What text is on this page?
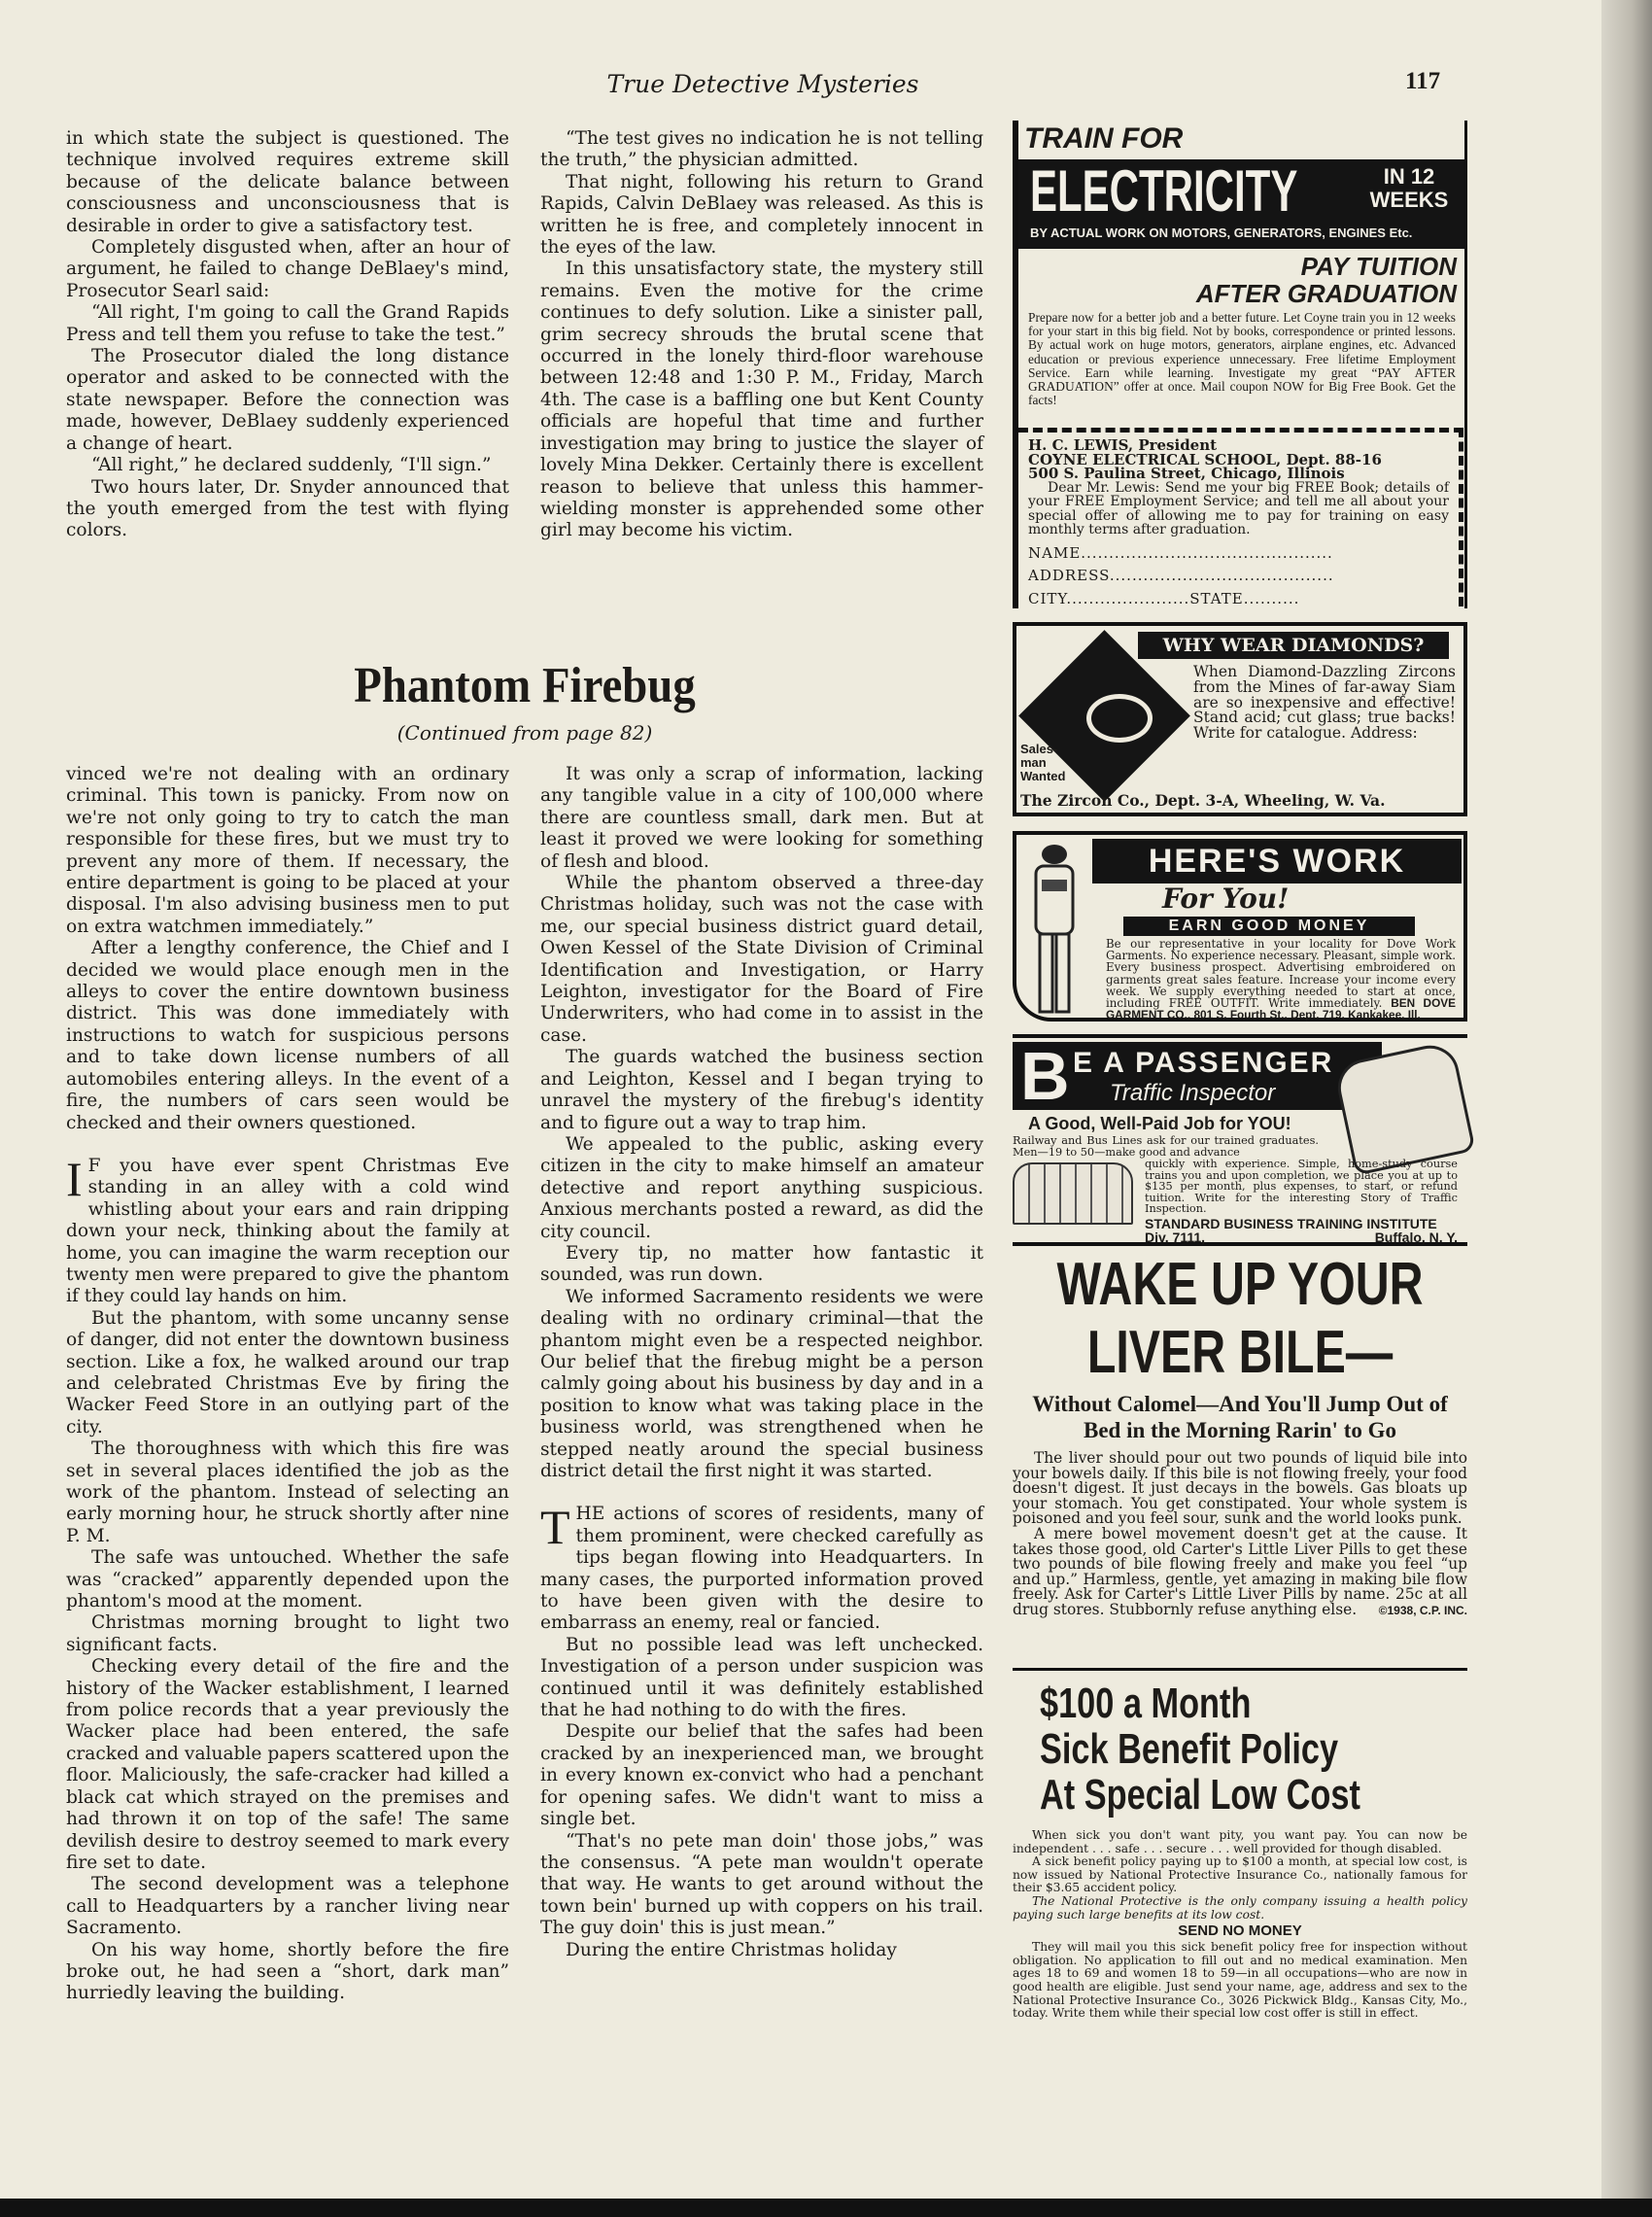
True Detective Mysteries	117

in which state the subject is questioned. The technique involved requires extreme skill because of the delicate balance between consciousness and unconsciousness that is desirable in order to give a satisfactory test.

Completely disgusted when, after an hour of argument, he failed to change DeBlaey's mind, Prosecutor Searl said:

“All right, I'm going to call the Grand Rapids Press and tell them you refuse to take the test.”

The Prosecutor dialed the long distance operator and asked to be connected with the state newspaper. Before the connection was made, however, DeBlaey suddenly experienced a change of heart.

“All right,” he declared suddenly, “I'll sign.”

Two hours later, Dr. Snyder announced that the youth emerged from the test with flying colors.

“The test gives no indication he is not telling the truth,” the physician admitted.

That night, following his return to Grand Rapids, Calvin DeBlaey was released. As this is written he is free, and completely innocent in the eyes of the law.

In this unsatisfactory state, the mystery still remains. Even the motive for the crime continues to defy solution. Like a sinister pall, grim secrecy shrouds the brutal scene that occurred in the lonely third-floor warehouse between 12:48 and 1:30 P. M., Friday, March 4th. The case is a baffling one but Kent County officials are hopeful that time and further investigation may bring to justice the slayer of lovely Mina Dekker. Certainly there is excellent reason to believe that unless this hammer-wielding monster is apprehended some other girl may become his victim.

Phantom Firebug
(Continued from page 82)

vinced we're not dealing with an ordinary criminal. This town is panicky. From now on we're not only going to try to catch the man responsible for these fires, but we must try to prevent any more of them. If necessary, the entire department is going to be placed at your disposal. I'm also advising business men to put on extra watchmen immediately.”

After a lengthy conference, the Chief and I decided we would place enough men in the alleys to cover the entire downtown business district. This was done immediately with instructions to watch for suspicious persons and to take down license numbers of all automobiles entering alleys. In the event of a fire, the numbers of cars seen would be checked and their owners questioned.

I F you have ever spent Christmas Eve standing in an alley with a cold wind whistling about your ears and rain dripping down your neck, thinking about the family at home, you can imagine the warm reception our twenty men were prepared to give the phantom if they could lay hands on him.

But the phantom, with some uncanny sense of danger, did not enter the downtown business section. Like a fox, he walked around our trap and celebrated Christmas Eve by firing the Wacker Feed Store in an outlying part of the city.

The thoroughness with which this fire was set in several places identified the job as the work of the phantom. Instead of selecting an early morning hour, he struck shortly after nine P. M.

The safe was untouched. Whether the safe was “cracked” apparently depended upon the phantom's mood at the moment.

Christmas morning brought to light two significant facts.

Checking every detail of the fire and the history of the Wacker establishment, I learned from police records that a year previously the Wacker place had been entered, the safe cracked and valuable papers scattered upon the floor. Maliciously, the safe-cracker had killed a black cat which strayed on the premises and had thrown it on top of the safe! The same devilish desire to destroy seemed to mark every fire set to date.

The second development was a telephone call to Headquarters by a rancher living near Sacramento.

On his way home, shortly before the fire broke out, he had seen a “short, dark man” hurriedly leaving the building.

It was only a scrap of information, lacking any tangible value in a city of 100,000 where there are countless small, dark men. But at least it proved we were looking for something of flesh and blood.

While the phantom observed a three-day Christmas holiday, such was not the case with me, our special business district guard detail, Owen Kessel of the State Division of Criminal Identification and Investigation, or Harry Leighton, investigator for the Board of Fire Underwriters, who had come in to assist in the case.

The guards watched the business section and Leighton, Kessel and I began trying to unravel the mystery of the firebug's identity and to figure out a way to trap him.

We appealed to the public, asking every citizen in the city to make himself an amateur detective and report anything suspicious. Anxious merchants posted a reward, as did the city council.

Every tip, no matter how fantastic it sounded, was run down.

We informed Sacramento residents we were dealing with no ordinary criminal—that the phantom might even be a respected neighbor. Our belief that the firebug might be a person calmly going about his business by day and in a position to know what was taking place in the business world, was strengthened when he stepped neatly around the special business district detail the first night it was started.

THE actions of scores of residents, many of them prominent, were checked carefully as tips began flowing into Headquarters. In many cases, the purported information proved to have been given with the desire to embarrass an enemy, real or fancied.

But no possible lead was left unchecked. Investigation of a person under suspicion was continued until it was definitely established that he had nothing to do with the fires.

Despite our belief that the safes had been cracked by an inexperienced man, we brought in every known ex-convict who had a penchant for opening safes. We didn't want to miss a single bet.

“That's no pete man doin' those jobs,” was the consensus. “A pete man wouldn't operate that way. He wants to get around without the town bein' burned up with coppers on his trail. The guy doin' this is just mean.”

During the entire Christmas holiday

TRAIN FOR
ELECTRICITY	IN 12 WEEKS
BY ACTUAL WORK ON MOTORS, GENERATORS, ENGINES Etc.
PAY TUITION
AFTER GRADUATION
Prepare now for a better job and a better future. Let Coyne train you in 12 weeks for your start in this big field. Not by books, correspondence or printed lessons. By actual work on huge motors, generators, airplane engines, etc. Advanced education or previous experience unnecessary. Free lifetime Employment Service. Earn while learning. Investigate my great “PAY AFTER GRADUATION” offer at once. Mail coupon NOW for Big Free Book. Get the facts!
H. C. LEWIS, President
COYNE ELECTRICAL SCHOOL, Dept. 88-16
500 S. Paulina Street, Chicago, Illinois
Dear Mr. Lewis: Send me your big FREE Book; details of your FREE Employment Service; and tell me all about your special offer of allowing me to pay for training on easy monthly terms after graduation.
NAME.............................................
ADDRESS........................................
CITY......................STATE..........
WHY WEAR DIAMONDS?
When Diamond-Dazzling Zircons from the Mines of far-away Siam are so inexpensive and effective! Stand acid; cut glass; true backs! Write for catalogue. Address:
Sales-man Wanted
The Zircon Co., Dept. 3-A, Wheeling, W. Va.
HERE'S WORK
For You!
EARN GOOD MONEY
Be our representative in your locality for Dove Work Garments. No experience necessary. Pleasant, simple work. Every business prospect. Advertising embroidered on garments great sales feature. Increase your income every week. We supply everything needed to start at once, including FREE OUTFIT. Write immediately. BEN DOVE GARMENT CO., 801 S. Fourth St., Dept. 719, Kankakee, Ill.
B E A PASSENGER
Traffic Inspector
A Good, Well-Paid Job for YOU!
Railway and Bus Lines ask for our trained graduates. Men—19 to 50—make good and advance
quickly with experience. Simple, home-study course trains you and upon completion, we place you at up to $135 per month, plus expenses, to start, or refund tuition. Write for the interesting Story of Traffic Inspection.
STANDARD BUSINESS TRAINING INSTITUTE
Div. 7111,	Buffalo, N. Y.
WAKE UP YOUR
LIVER BILE—
Without Calomel—And You'll Jump Out of Bed in the Morning Rarin' to Go

The liver should pour out two pounds of liquid bile into your bowels daily. If this bile is not flowing freely, your food doesn't digest. It just decays in the bowels. Gas bloats up your stomach. You get constipated. Your whole system is poisoned and you feel sour, sunk and the world looks punk.

A mere bowel movement doesn't get at the cause. It takes those good, old Carter's Little Liver Pills to get these two pounds of bile flowing freely and make you feel “up and up.” Harmless, gentle, yet amazing in making bile flow freely. Ask for Carter's Little Liver Pills by name. 25c at all drug stores. Stubbornly refuse anything else.	©1938, C.P. INC.

$100 a Month
Sick Benefit Policy
At Special Low Cost

When sick you don't want pity, you want pay. You can now be independent . . . safe . . . secure . . . well provided for though disabled.

A sick benefit policy paying up to $100 a month, at special low cost, is now issued by National Protective Insurance Co., nationally famous for their $3.65 accident policy.

The National Protective is the only company issuing a health policy paying such large benefits at its low cost.

SEND NO MONEY

They will mail you this sick benefit policy free for inspection without obligation. No application to fill out and no medical examination. Men ages 18 to 69 and women 18 to 59—in all occupations—who are now in good health are eligible. Just send your name, age, address and sex to the National Protective Insurance Co., 3026 Pickwick Bldg., Kansas City, Mo., today. Write them while their special low cost offer is still in effect.
